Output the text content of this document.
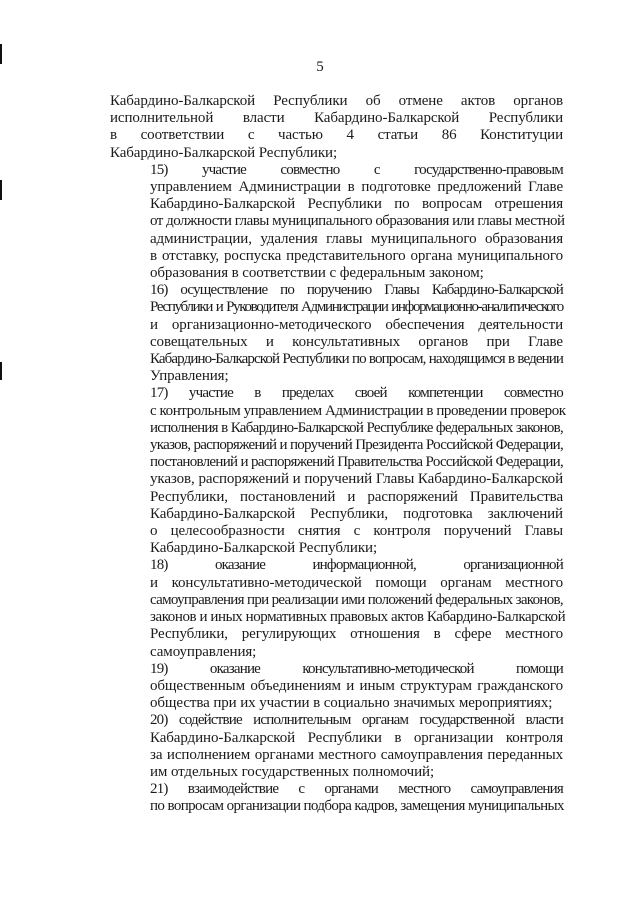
5

Кабардино-Балкарской Республики об отмене актов органов
исполнительной власти Кабардино-Балкарской Республики
в соответствии с частью 4 статьи 86 Конституции
Кабардино-Балкарской Республики;

15) участие совместно с государственно-правовым
управлением Администрации в подготовке предложений Главе
Кабардино-Балкарской Республики по вопросам отрешения
от должности главы муниципального образования или главы местной
администрации, удаления главы муниципального образования
в отставку, роспуска представительного органа муниципального
образования в соответствии с федеральным законом;

16) осуществление по поручению Главы Кабардино-Балкарской
Республики и Руководителя Администрации информационно-аналитического
и организационно-методического обеспечения деятельности
совещательных и консультативных органов при Главе
Кабардино-Балкарской Республики по вопросам, находящимся в ведении
Управления;

17) участие в пределах своей компетенции совместно
с контрольным управлением Администрации в проведении проверок
исполнения в Кабардино-Балкарской Республике федеральных законов,
указов, распоряжений и поручений Президента Российской Федерации,
постановлений и распоряжений Правительства Российской Федерации,
указов, распоряжений и поручений Главы Кабардино-Балкарской
Республики, постановлений и распоряжений Правительства
Кабардино-Балкарской Республики, подготовка заключений
о целесообразности снятия с контроля поручений Главы
Кабардино-Балкарской Республики;

18) оказание информационной, организационной
и консультативно-методической помощи органам местного
самоуправления при реализации ими положений федеральных законов,
законов и иных нормативных правовых актов Кабардино-Балкарской
Республики, регулирующих отношения в сфере местного
самоуправления;

19) оказание консультативно-методической помощи
общественным объединениям и иным структурам гражданского
общества при их участии в социально значимых мероприятиях;

20) содействие исполнительным органам государственной власти
Кабардино-Балкарской Республики в организации контроля
за исполнением органами местного самоуправления переданных
им отдельных государственных полномочий;

21) взаимодействие с органами местного самоуправления
по вопросам организации подбора кадров, замещения муниципальных
